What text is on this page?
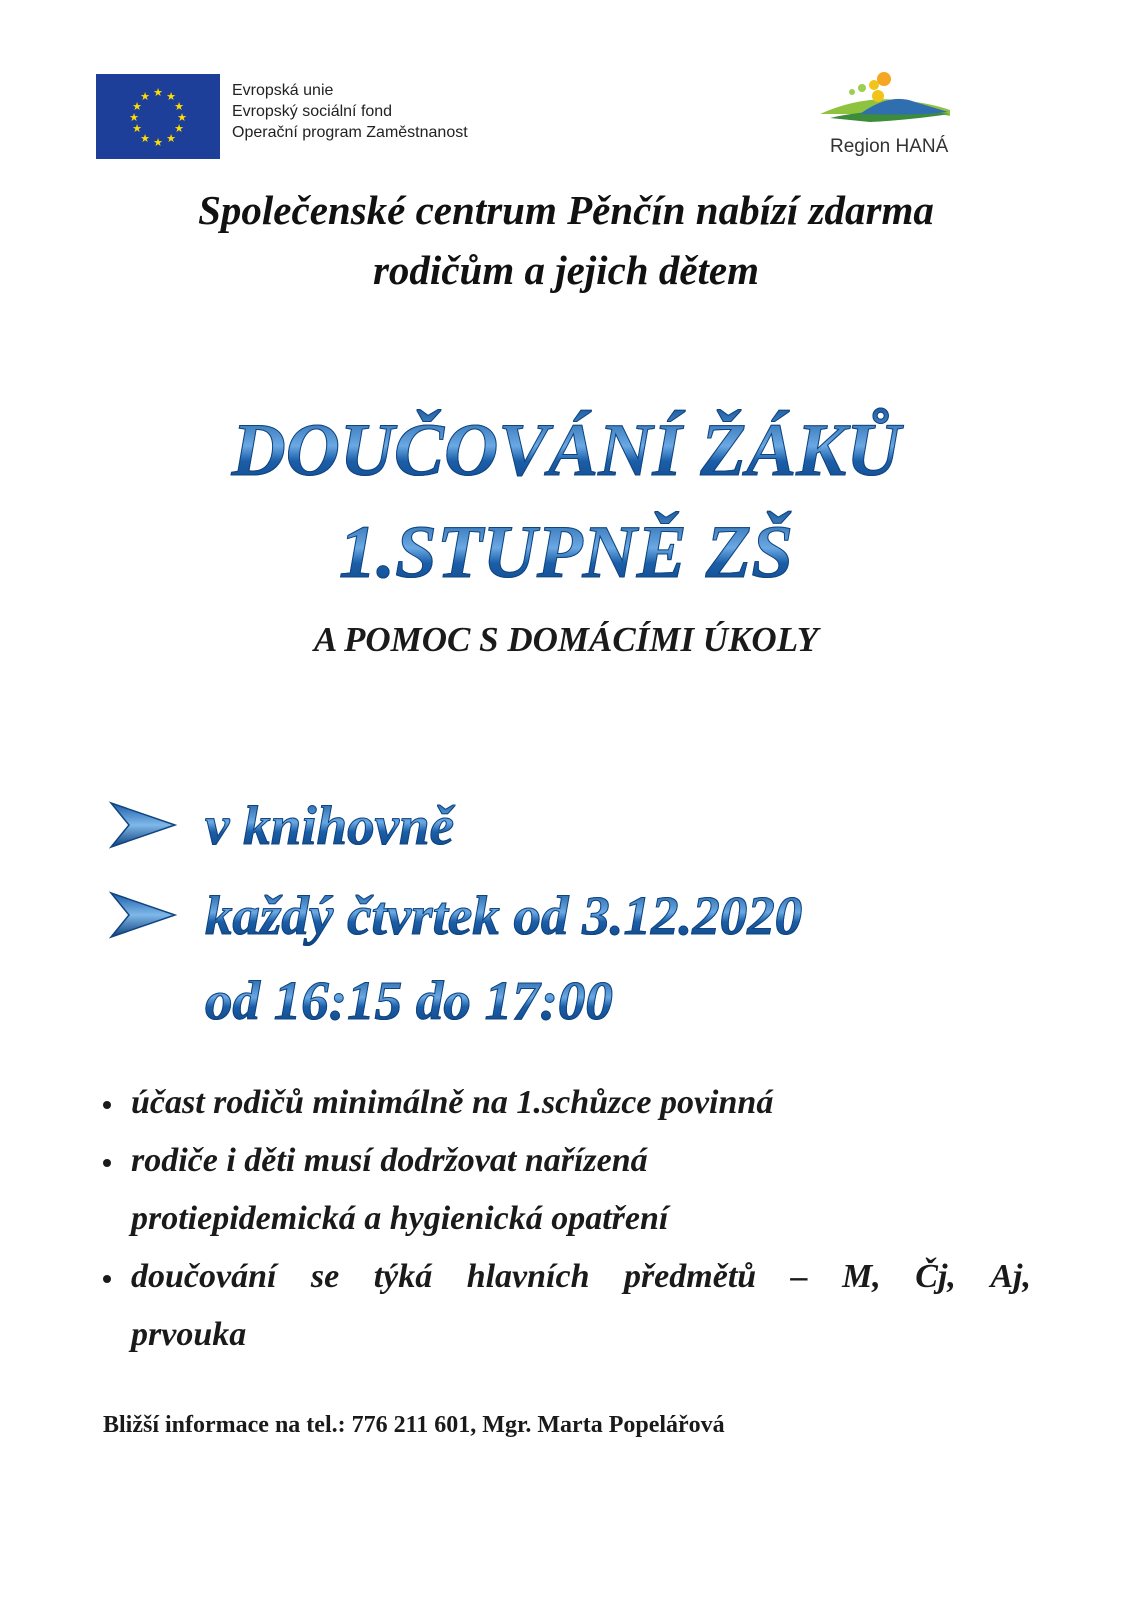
★ ★
★
★
★
★
★
★
★
★
★
★	Evropská unie
Evropský sociální fond
Operační program Zaměstnanost
Region HANÁ
Společenské centrum Pěnčín nabízí zdarma
rodičům a jejich dětem
DOUČOVÁNÍ ŽÁKŮ
1.STUPNĚ ZŠ
A POMOC S DOMÁCÍMI ÚKOLY
v knihovně
každý čtvrtek od 3.12.2020
od 16:15 do 17:00
účast rodičů minimálně na 1.schůzce povinná
rodiče i děti musí dodržovat nařízená
protiepidemická a hygienická opatření
doučování se týká hlavních předmětů – M, Čj, Aj,
prvouka
Bližší informace na tel.: 776 211 601, Mgr. Marta Popelářová
